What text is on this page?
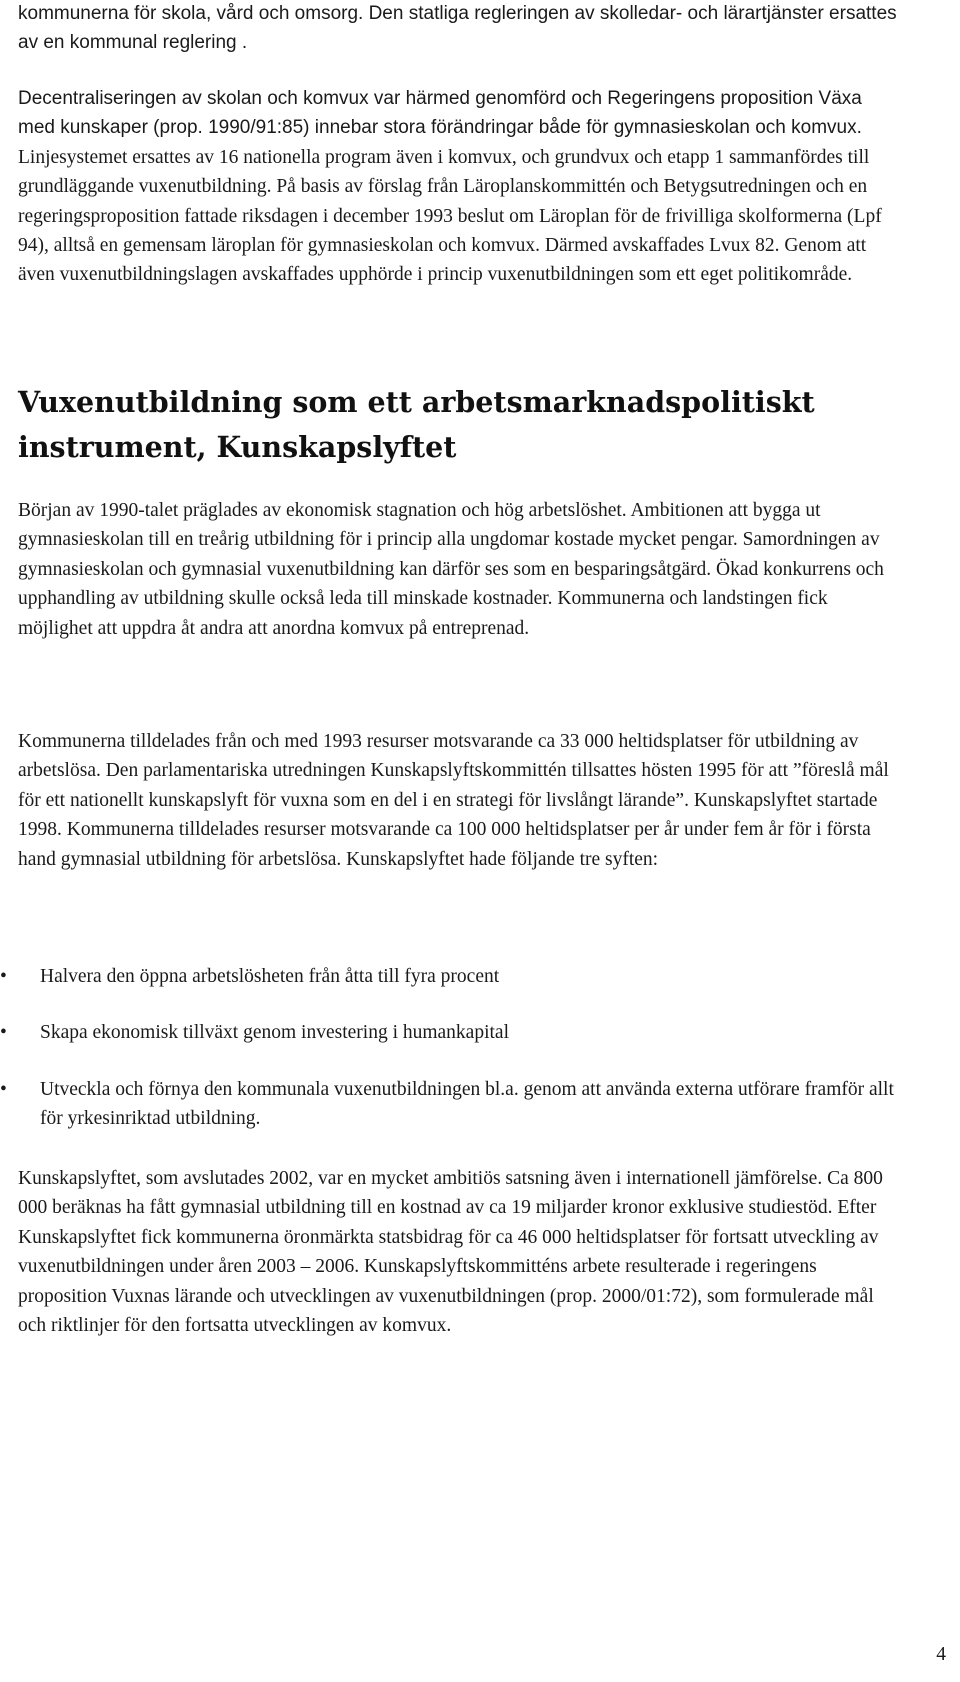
kommunerna för skola, vård och omsorg. Den statliga regleringen av skolledar- och lärartjänster ersattes av en kommunal reglering .

Decentraliseringen av skolan och komvux var härmed genomförd och Regeringens proposition Växa med kunskaper (prop. 1990/91:85) innebar stora förändringar både för gymnasieskolan och komvux. Linjesystemet ersattes av 16 nationella program även i komvux, och grundvux och etapp 1 sammanfördes till grundläggande vuxenutbildning. På basis av förslag från Läroplanskommittén och Betygsutredningen och en regeringsproposition fattade riksdagen i december 1993 beslut om Läroplan för de frivilliga skolformerna (Lpf 94), alltså en gemensam läroplan för gymnasieskolan och komvux. Därmed avskaffades Lvux 82. Genom att även vuxenutbildningslagen avskaffades upphörde i princip vuxenutbildningen som ett eget politikområde.

Vuxenutbildning som ett arbetsmarknadspolitiskt instrument, Kunskapslyftet

Början av 1990-talet präglades av ekonomisk stagnation och hög arbetslöshet. Ambitionen att bygga ut gymnasieskolan till en treårig utbildning för i princip alla ungdomar kostade mycket pengar. Samordningen av gymnasieskolan och gymnasial vuxenutbildning kan därför ses som en besparingsåtgärd. Ökad konkurrens och upphandling av utbildning skulle också leda till minskade kostnader. Kommunerna och landstingen fick möjlighet att uppdra åt andra att anordna komvux på entreprenad.

Kommunerna tilldelades från och med 1993 resurser motsvarande ca 33 000 heltidsplatser för utbildning av arbetslösa. Den parlamentariska utredningen Kunskapslyftskommittén tillsattes hösten 1995 för att ”föreslå mål för ett nationellt kunskapslyft för vuxna som en del i en strategi för livslångt lärande”. Kunskapslyftet startade 1998. Kommunerna tilldelades resurser motsvarande ca 100 000 heltidsplatser per år under fem år för i första hand gymnasial utbildning för arbetslösa. Kunskapslyftet hade följande tre syften:

• Halvera den öppna arbetslösheten från åtta till fyra procent
• Skapa ekonomisk tillväxt genom investering i humankapital
• Utveckla och förnya den kommunala vuxenutbildningen bl.a. genom att använda externa utförare framför allt för yrkesinriktad utbildning.

Kunskapslyftet, som avslutades 2002, var en mycket ambitiös satsning även i internationell jämförelse. Ca 800 000 beräknas ha fått gymnasial utbildning till en kostnad av ca 19 miljarder kronor exklusive studiestöd. Efter Kunskapslyftet fick kommunerna öronmärkta statsbidrag för ca 46 000 heltidsplatser för fortsatt utveckling av vuxenutbildningen under åren 2003 – 2006. Kunskapslyftskommitténs arbete resulterade i regeringens proposition Vuxnas lärande och utvecklingen av vuxenutbildningen (prop. 2000/01:72), som formulerade mål och riktlinjer för den fortsatta utvecklingen av komvux.

4
